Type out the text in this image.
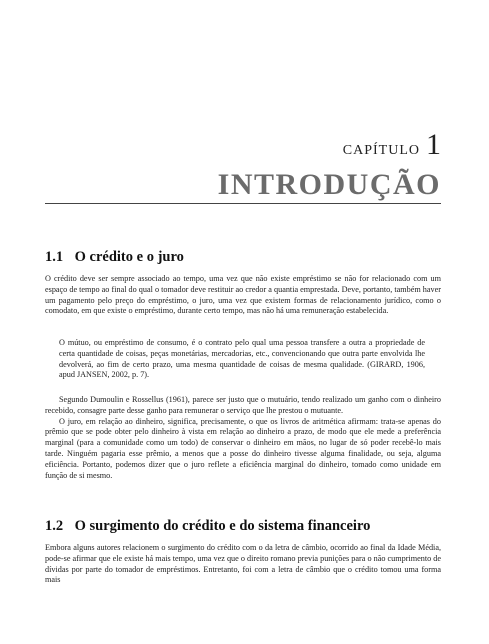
CAPÍTULO 1
INTRODUÇÃO
1.1 O crédito e o juro

O crédito deve ser sempre associado ao tempo, uma vez que não existe empréstimo se não for relacionado com um espaço de tempo ao final do qual o tomador deve restituir ao credor a quantia emprestada. Deve, portanto, também haver um pagamento pelo preço do empréstimo, o juro, uma vez que existem formas de relacionamento jurídico, como o comodato, em que existe o empréstimo, durante certo tempo, mas não há uma remuneração estabelecida.

O mútuo, ou empréstimo de consumo, é o contrato pelo qual uma pessoa transfere a outra a propriedade de certa quantidade de coisas, peças monetárias, mercadorias, etc., convencionando que outra parte envolvida lhe devolverá, ao fim de certo prazo, uma mesma quantidade de coisas de mesma qualidade. (GIRARD, 1906, apud JANSEN, 2002, p. 7).

Segundo Dumoulin e Rossellus (1961), parece ser justo que o mutuário, tendo realizado um ganho com o dinheiro recebido, consagre parte desse ganho para remunerar o serviço que lhe prestou o mutuante.

O juro, em relação ao dinheiro, significa, precisamente, o que os livros de aritmética afirmam: trata-se apenas do prêmio que se pode obter pelo dinheiro à vista em relação ao dinheiro a prazo, de modo que ele mede a preferência marginal (para a comunidade como um todo) de conservar o dinheiro em mãos, no lugar de só poder recebê-lo mais tarde. Ninguém pagaria esse prêmio, a menos que a posse do dinheiro tivesse alguma finalidade, ou seja, alguma eficiência. Portanto, podemos dizer que o juro reflete a eficiência marginal do dinheiro, tomado como unidade em função de si mesmo.

1.2 O surgimento do crédito e do sistema financeiro

Embora alguns autores relacionem o surgimento do crédito com o da letra de câmbio, ocorrido ao final da Idade Média, pode-se afirmar que ele existe há mais tempo, uma vez que o direito romano previa punições para o não cumprimento de dívidas por parte do tomador de empréstimos. Entretanto, foi com a letra de câmbio que o crédito tomou uma forma mais
